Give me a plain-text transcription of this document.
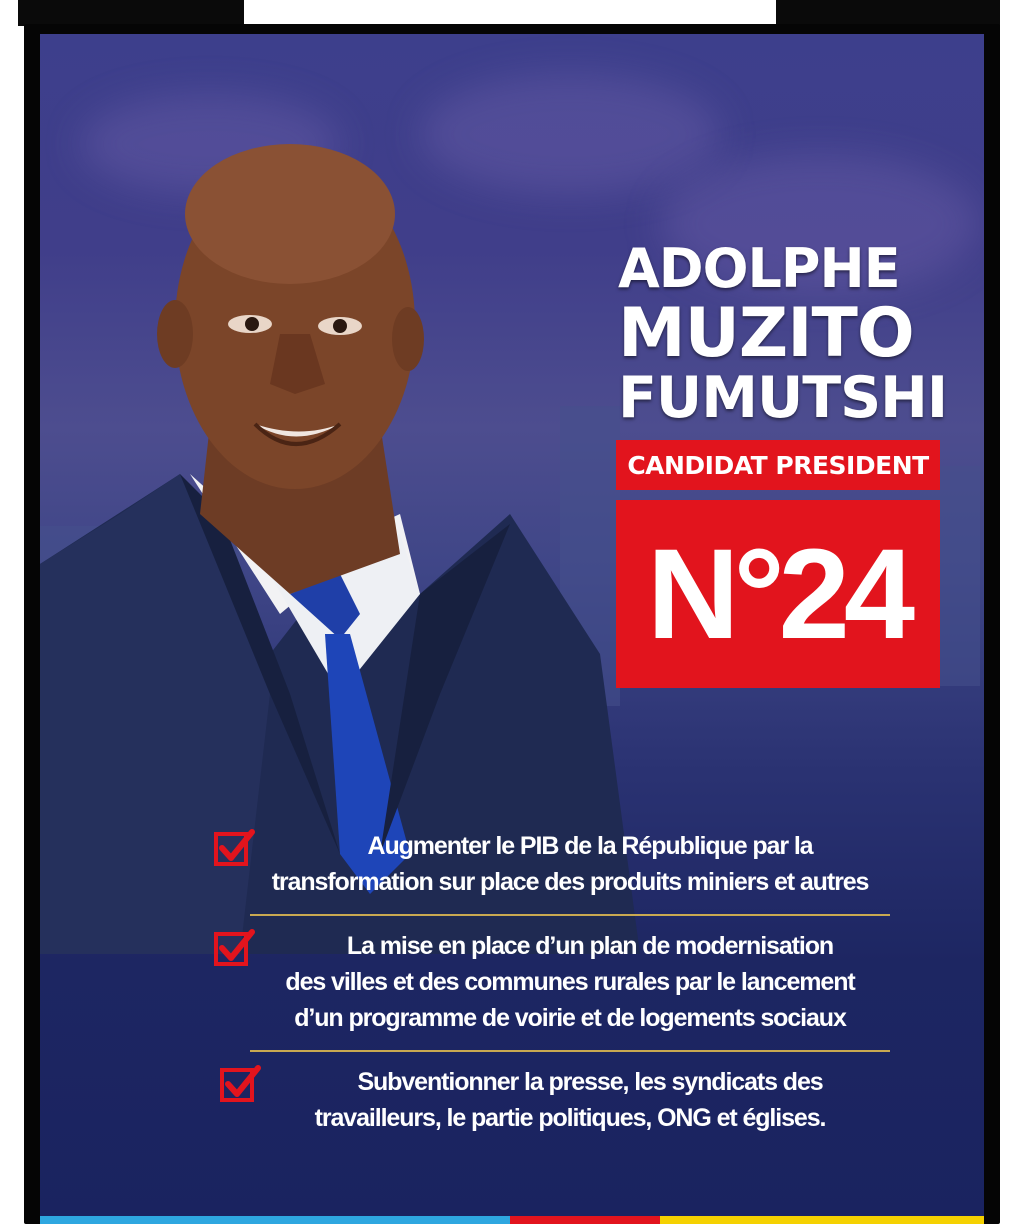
ADOLPHE
MUZITO
FUMUTSHI
CANDIDAT PRESIDENT
N°24
Augmenter le PIB de la République par la
transformation sur place des produits miniers et autres
La mise en place d’un plan de modernisation
des villes et des communes rurales par le lancement
d’un programme de voirie et de logements sociaux
Subventionner la presse, les syndicats des
travailleurs, le partie politiques, ONG et églises.
